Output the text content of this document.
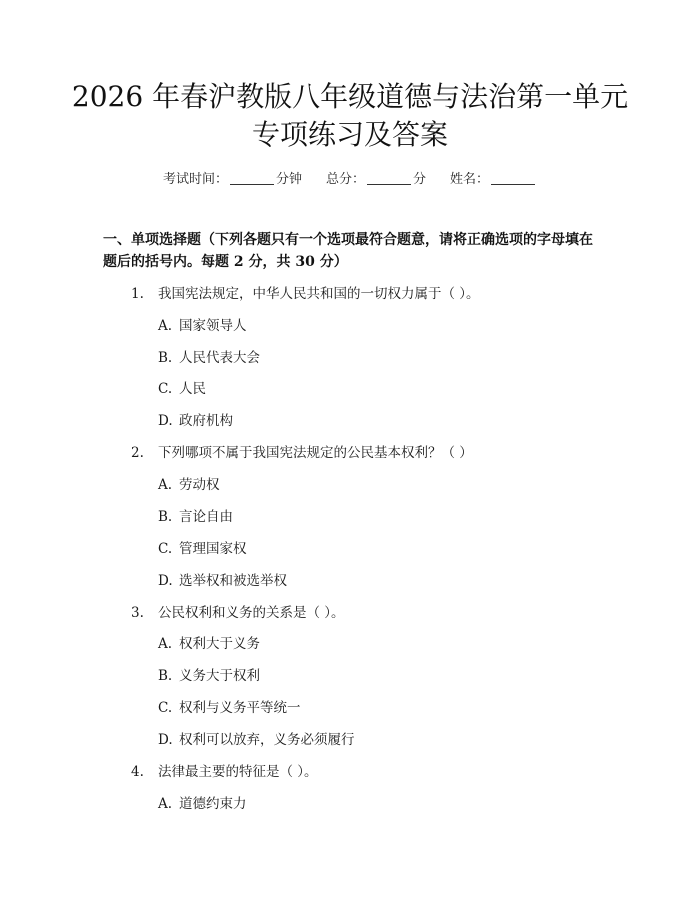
2026 年春沪教版八年级道德与法治第一单元
专项练习及答案
考试时间：	分钟 总分：	分 姓名：
一、单项选择题（下列各题只有一个选项最符合题意，请将正确选项的字母填在
题后的括号内。每题 2 分，共 30 分）
1. 我国宪法规定，中华人民共和国的一切权力属于（ ）。
A. 国家领导人
B. 人民代表大会
C. 人民
D. 政府机构
2. 下列哪项不属于我国宪法规定的公民基本权利？（ ）
A. 劳动权
B. 言论自由
C. 管理国家权
D. 选举权和被选举权
3. 公民权利和义务的关系是（ ）。
A. 权利大于义务
B. 义务大于权利
C. 权利与义务平等统一
D. 权利可以放弃，义务必须履行
4. 法律最主要的特征是（ ）。
A. 道德约束力
